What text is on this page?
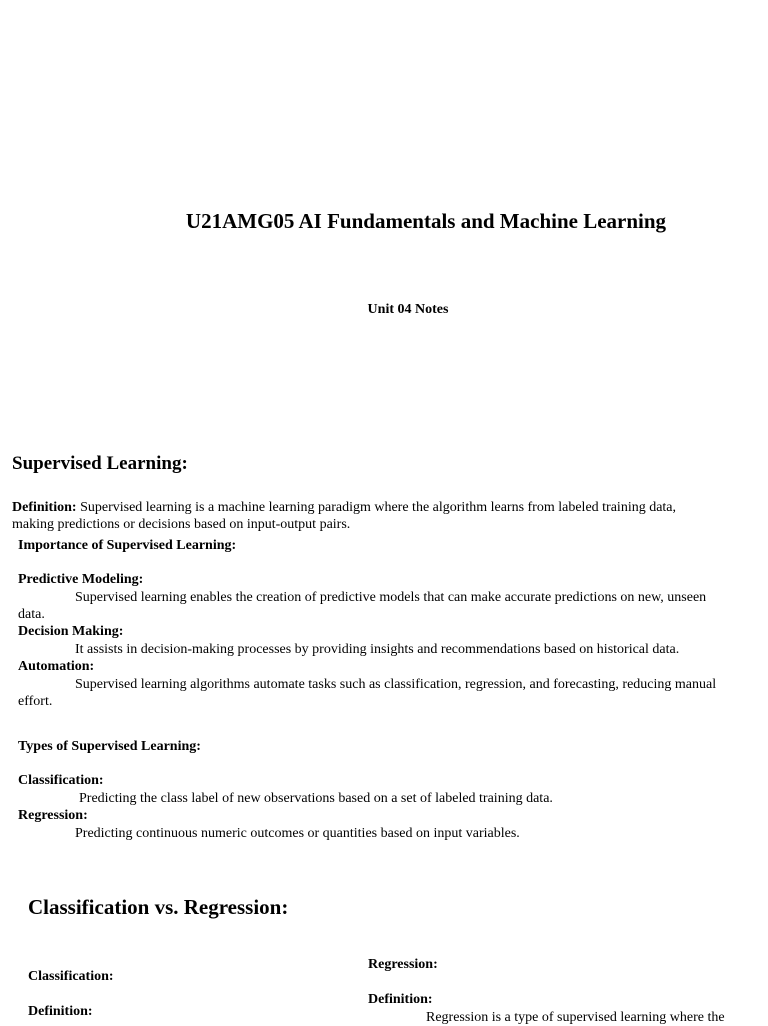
U21AMG05 AI Fundamentals and Machine Learning
Unit 04 Notes
Supervised Learning:
Definition: Supervised learning is a machine learning paradigm where the algorithm learns from labeled training data, making predictions or decisions based on input-output pairs.
Importance of Supervised Learning:
Predictive Modeling:
Supervised learning enables the creation of predictive models that can make accurate predictions on new, unseen data.
Decision Making:
It assists in decision-making processes by providing insights and recommendations based on historical data.
Automation:
Supervised learning algorithms automate tasks such as classification, regression, and forecasting, reducing manual effort.
Types of Supervised Learning:
Classification:
Predicting the class label of new observations based on a set of labeled training data.
Regression:
Predicting continuous numeric outcomes or quantities based on input variables.
Classification vs. Regression:
Classification:
Definition:
Regression:
Definition:
Regression is a type of supervised learning where the
